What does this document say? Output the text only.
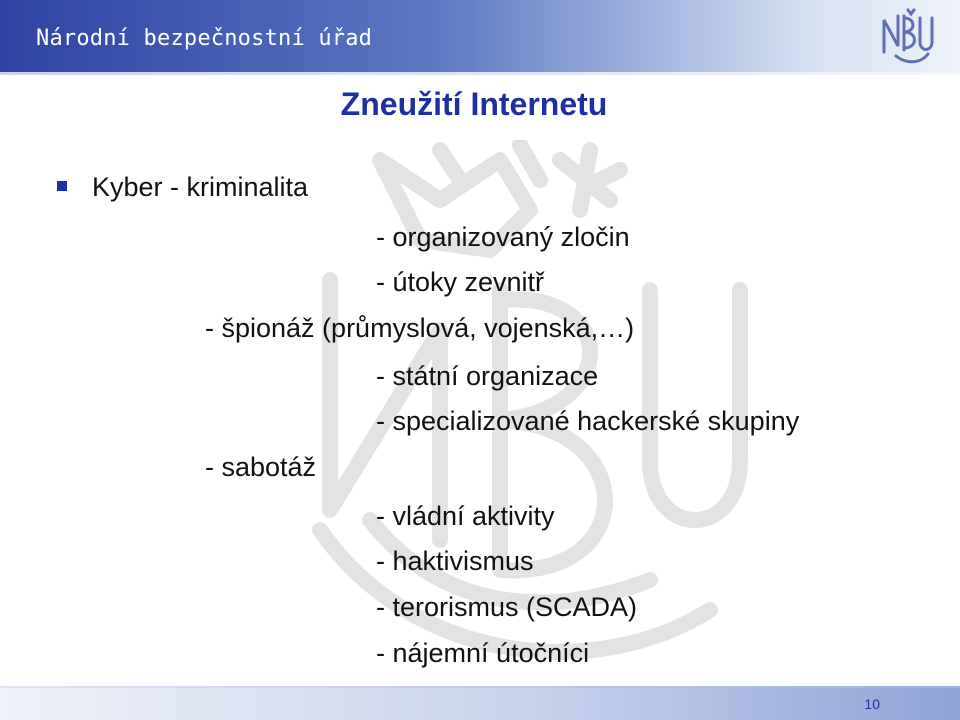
Národní bezpečnostní úřad
Zneužití Internetu
Kyber - kriminalita
- organizovaný zločin
- útoky zevnitř
- špionáž (průmyslová, vojenská,…)
- státní organizace
- specializované hackerské skupiny
- sabotáž
- vládní aktivity
- haktivismus
- terorismus (SCADA)
- nájemní útočníci
10
